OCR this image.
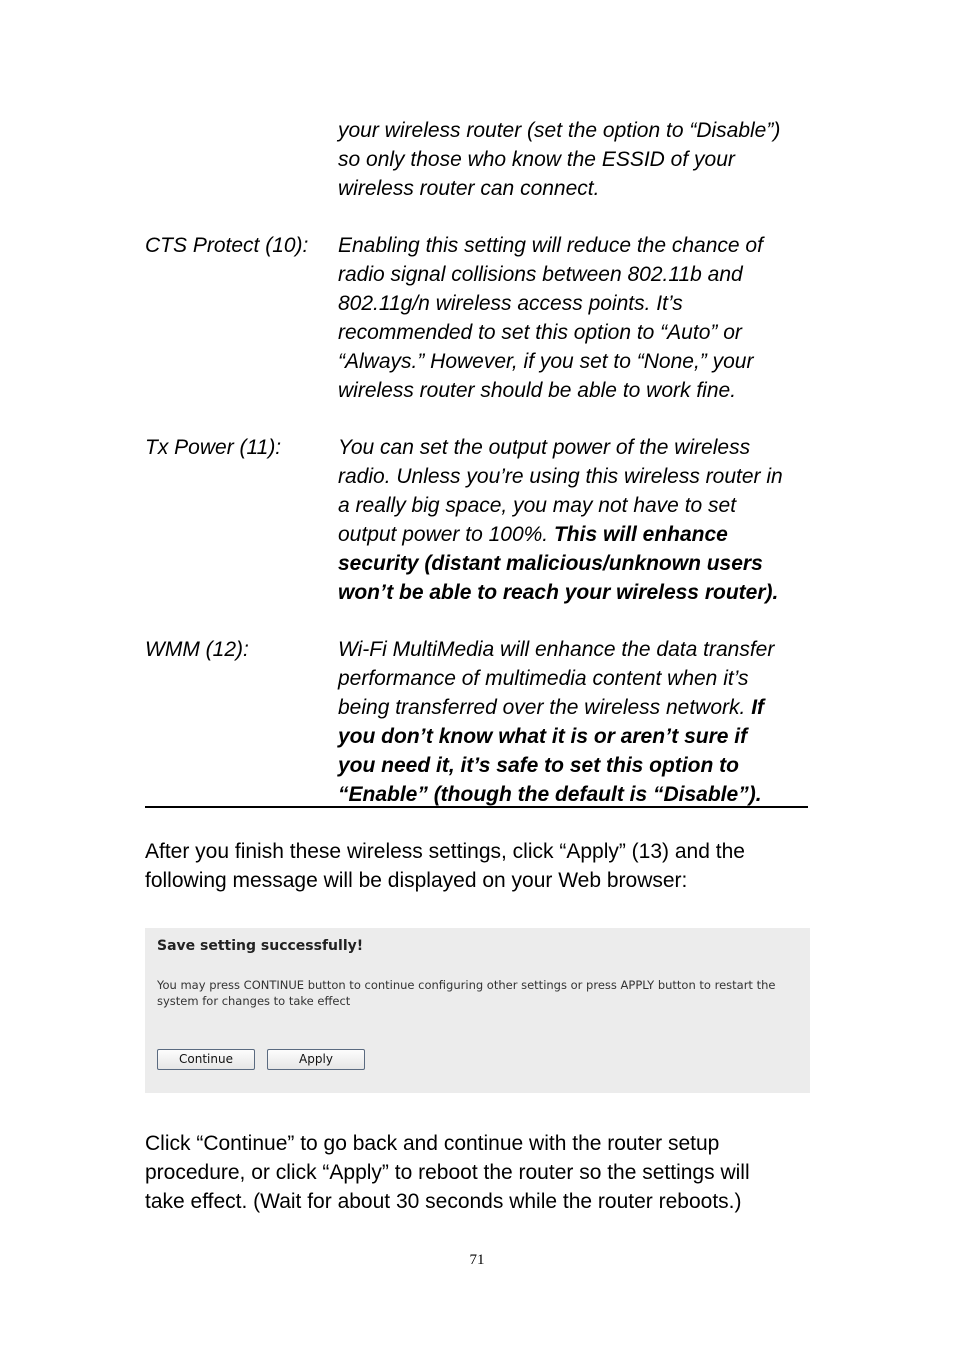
your wireless router (set the option to “Disable”)
so only those who know the ESSID of your
wireless router can connect.
CTS Protect (10): Enabling this setting will reduce the chance of
radio signal collisions between 802.11b and
802.11g/n wireless access points. It’s
recommended to set this option to “Auto” or
“Always.” However, if you set to “None,” your
wireless router should be able to work fine.
Tx Power (11):	You can set the output power of the wireless
radio. Unless you’re using this wireless router in
a really big space, you may not have to set
output power to 100%. This will enhance
security (distant malicious/unknown users
won’t be able to reach your wireless router).
WMM (12):	Wi-Fi MultiMedia will enhance the data transfer
performance of multimedia content when it’s
being transferred over the wireless network. If
you don’t know what it is or aren’t sure if
you need it, it’s safe to set this option to
“Enable” (though the default is “Disable”).
After you finish these wireless settings, click “Apply” (13) and the
following message will be displayed on your Web browser:
Save setting successfully!
You may press CONTINUE button to continue configuring other settings or press APPLY button to restart the
system for changes to take effect
Continue	Apply
Click “Continue” to go back and continue with the router setup
procedure, or click “Apply” to reboot the router so the settings will
take effect. (Wait for about 30 seconds while the router reboots.)
71
